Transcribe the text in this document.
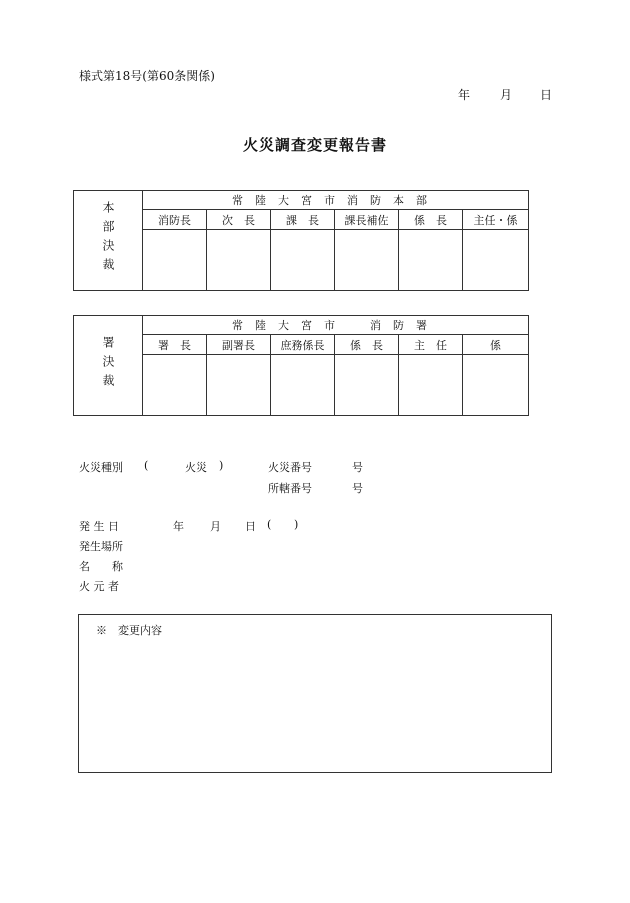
様式第18号(第60条関係)
年 月 日
火災調査変更報告書
本部決裁	常陸大宮市消防本部					
	消防長	次　長	課　長	課長補佐	係　長	主任・係

署決裁	常陸大宮市　消防署					
	署　長	副署長	庶務係長	係　長	主　任	係

火災種別 (	火災 )	火災番号	号
所轄番号	号
発 生 日	年 月 日 ( )
発生場所
名　　称
火 元 者
※　変更内容
